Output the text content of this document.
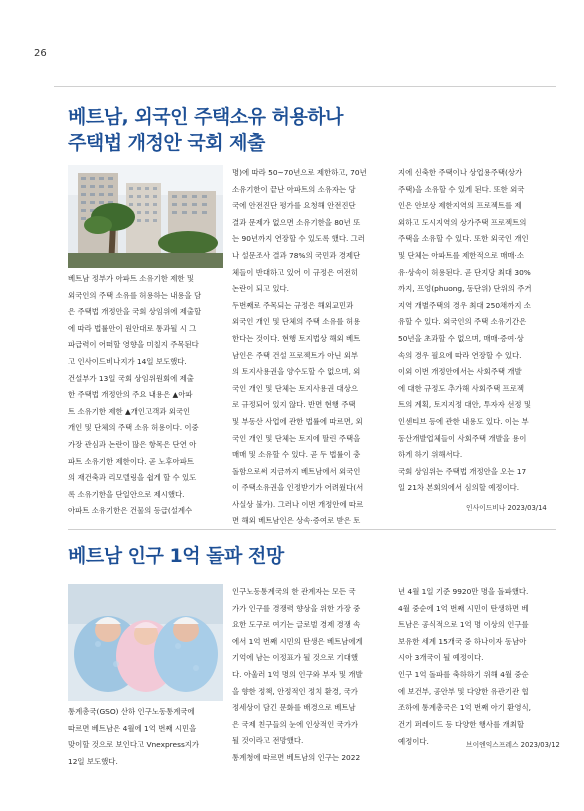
26
베트남, 외국인 주택소유 허용하나
주택법 개정안 국회 제출

베트남 정부가 아파트 소유기한 제한 및

외국인의 주택 소유를 허용하는 내용을 담

은 주택법 개정안을 국회 상임위에 제출할

에 따라 법률안이 원안대로 통과될 시 그

파급력이 어떠할 영향을 미칠지 주목된다

고 인사이드비나지가 14일 보도했다.

건설부가 13일 국회 상임위원회에 제출

한 주택법 개정안의 주요 내용은 ▲아파

트 소유기한 제한 ▲개인고객과 외국인

개인 및 단체의 주택 소유 허용이다. 이중

가장 관심과 논란이 많은 항목은 단연 아

파트 소유기한 제한이다. 곧 노후아파트

의 재건축과 리모델링을 쉽게 할 수 있도

록 소유기한을 단일안으로 제시했다.

아파트 소유기한은 건물의 등급(설계수

명)에 따라 50~70년으로 제한하고, 70년

소유기한이 끝난 아파트의 소유자는 당

국에 안전진단 평가를 요청해 안전진단

결과 문제가 없으면 소유기한을 80년 또

는 90년까지 연장할 수 있도록 했다. 그러

나 설문조사 결과 78%의 국민과 경제단

체들이 반대하고 있어 이 규정은 여전히

논란이 되고 있다.

두번째로 주목되는 규정은 해외교민과

외국인 개인 및 단체의 주택 소유를 허용

한다는 것이다. 현행 토지법상 해외 베트

남인은 주택 건설 프로젝트가 아닌 외부

의 토지사용권을 양수도할 수 없으며, 외

국인 개인 및 단체는 토지사용권 대상으

로 규정되어 있지 않다. 반면 현행 주택

및 부동산 사업에 관한 법률에 따르면, 외

국인 개인 및 단체는 토지에 딸린 주택을

매매 및 소유할 수 있다. 곧 두 법률이 충

돌함으로써 지금까지 베트남에서 외국인

이 주택소유권을 인정받기가 어려웠다(서

사실상 불가). 그러나 이번 개정안에 따르

면 해외 베트남인은 상속·증여로 받은 토

지에 신축한 주택이나 상업용주택(상가

주택)을 소유할 수 있게 된다. 또한 외국

인은 안보상 제한지역의 프로젝트를 제

외하고 도시지역의 상가주택 프로젝트의

주택을 소유할 수 있다. 또한 외국인 개인

및 단체는 아파트를 제한적으로 매매·소

유·상속이 허용된다. 곧 단지당 최대 30%

까지, 프엉(phuong, 동단위) 단위의 주거

지역 개별주택의 경우 최대 250채까지 소

유할 수 있다. 외국인의 주택 소유기간은

50년을 초과할 수 없으며, 매매·증여·상

속의 경우 필요에 따라 연장할 수 있다.

이외 이번 개정안에서는 사회주택 개발

에 대한 규정도 추가해 사회주택 프로젝

트의 계획, 토지지정 대안, 투자자 선정 및

인센티브 등에 관한 내용도 있다. 이는 부

동산개발업체들이 사회주택 개발을 용이

하게 하기 위해서다.

국회 상임위는 주택법 개정안을 오는 17

일 21차 본회의에서 심의할 예정이다.

인사이드비나 2023/03/14
베트남 인구 1억 돌파 전망

통계총국(GSO) 산하 인구노동통계국에

따르면 베트남은 4월에 1억 번째 시민을

맞이할 것으로 보인다고 Vnexpress지가

12일 보도했다.

인구노동통계국의 한 관계자는 모든 국

가가 인구를 경쟁력 향상을 위한 가장 중

요한 도구로 여기는 글로벌 경제 경쟁 속

에서 1억 번째 시민의 탄생은 베트남에게

기억에 남는 이정표가 될 것으로 기대했

다. 아울러 1억 명의 인구와 부자 및 개발

을 향한 정책, 안정적인 정치 환경, 국가

정세상이 담긴 문화를 배경으로 베트남

은 국제 친구들의 눈에 인상적인 국가가

될 것이라고 전망했다.

통계청에 따르면 베트남의 인구는 2022

년 4월 1일 기준 9920만 명을 돌파했다.

4월 중순에 1억 번째 시민이 탄생하면 베

트남은 공식적으로 1억 명 이상의 인구를

보유한 세계 15개국 중 하나이자 동남아

시아 3개국이 될 예정이다.

인구 1억 돌파를 축하하기 위해 4월 중순

에 보건부, 공안부 및 다양한 유관기관 협

조하에 통계총국은 1억 번째 아기 환영식,

건기 퍼레이드 등 다양한 행사를 개최할

예정이다.	브이엔익스프레스 2023/03/12
